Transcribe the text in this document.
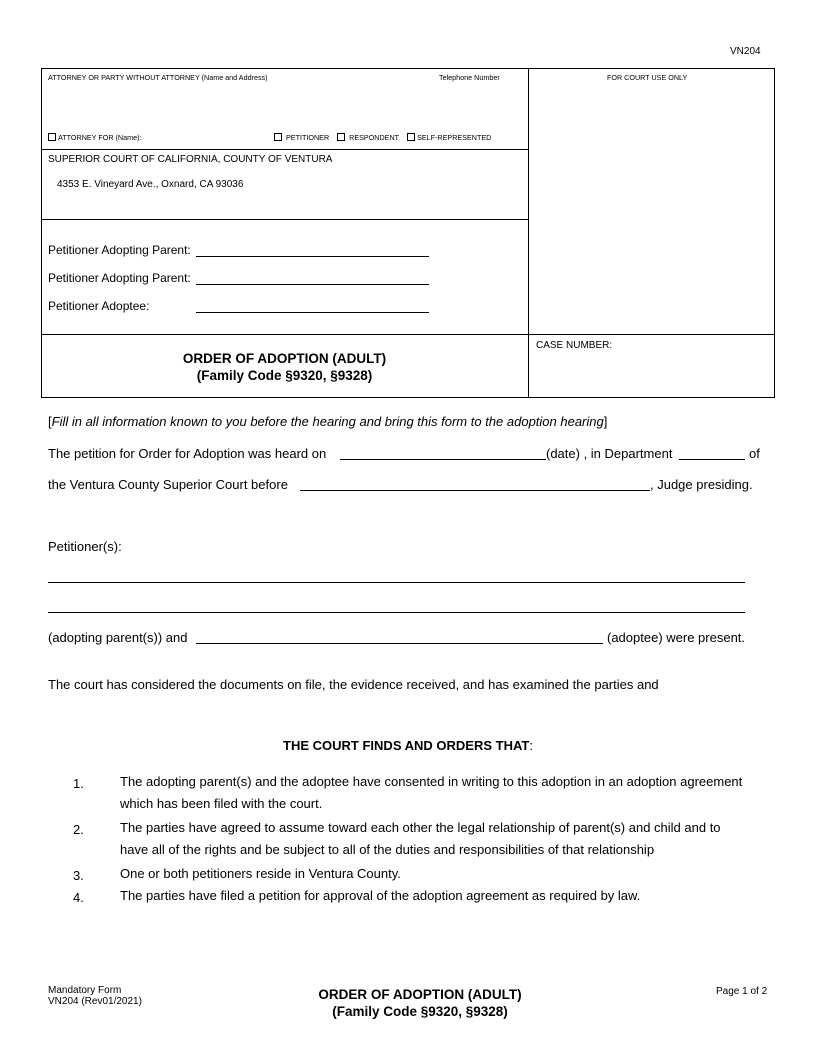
VN204
ATTORNEY OR PARTY WITHOUT ATTORNEY (Name and Address)	Telephone Number	FOR COURT USE ONLY
ATTORNEY FOR (Name):	PETITIONER	RESPONDENT	SELF-REPRESENTED
SUPERIOR COURT OF CALIFORNIA, COUNTY OF VENTURA
4353 E. Vineyard Ave., Oxnard, CA 93036
Petitioner Adopting Parent:
Petitioner Adopting Parent:
Petitioner Adoptee:
CASE NUMBER:
ORDER OF ADOPTION (ADULT)
(Family Code §9320, §9328)
[Fill in all information known to you before the hearing and bring this form to the adoption hearing]
The petition for Order for Adoption was heard on	(date) , in Department	of
the Ventura County Superior Court before	, Judge presiding.
Petitioner(s):
(adopting parent(s)) and	(adoptee) were present.
The court has considered the documents on file, the evidence received, and has examined the parties and
THE COURT FINDS AND ORDERS THAT:
1.	The adopting parent(s) and the adoptee have consented in writing to this adoption in an adoption agreement
which has been filed with the court.
2.	The parties have agreed to assume toward each other the legal relationship of parent(s) and child and to
have all of the rights and be subject to all of the duties and responsibilities of that relationship
3.	One or both petitioners reside in Ventura County.
4.	The parties have filed a petition for approval of the adoption agreement as required by law.
Mandatory Form
VN204 (Rev01/2021)	ORDER OF ADOPTION (ADULT)
(Family Code §9320, §9328)
Page 1 of 2
